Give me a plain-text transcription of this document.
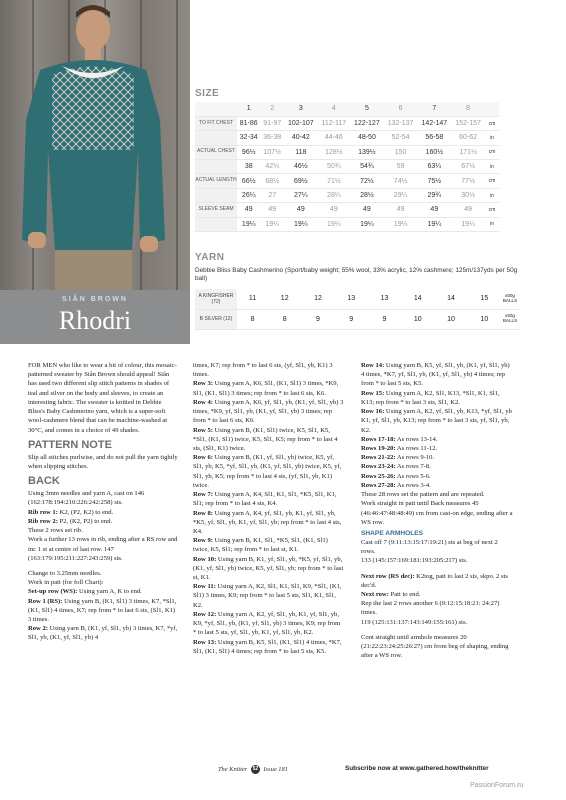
SIÂN BROWN
Rhodri
SIZE
	1	2	3	4	5	6	7	8	
TO FIT CHEST	81-86	91-97	102-107	112-117	122-127	132-137	142-147	152-157	cm
	32-34	36-38	40-42	44-46	48-50	52-54	56-58	60-62	in
ACTUAL CHEST	96½	107½	118	128½	139½	150	160½	171½	cm
	38	42¼	46½	50¾	54¾	59	63¼	67½	in
ACTUAL LENGTH	66½	68½	69½	71½	72½	74½	75½	77½	cm
	26¼	27	27¼	28¼	28½	29¼	29¾	30½	in
SLEEVE SEAM	49	49	49	49	49	49	49	49	cm
	19¼	19¼	19¼	19¼	19¼	19¼	19¼	19¼	in
YARN
Debbie Bliss Baby Cashmerino (Sport/baby weight; 55% wool, 33% acrylic, 12% cashmere; 125m/137yds per 50g ball)
A KINGFISHER (72)	11	12	12	13	13	14	14	15	x50g BALLS
B SILVER (12)	8	8	9	9	9	10	10	10	x50g BALLS

FOR MEN who like to wear a bit of colour, this mosaic-patterned sweater by Siân Brown should appeal! Siân has used two different slip stitch patterns in shades of teal and silver on the body and sleeves, to create an interesting fabric. The sweater is knitted in Debbie Bliss's Baby Cashmerino yarn, which is a super-soft wool-cashmere blend that can be machine-washed at 30°C, and comes in a choice of 49 shades.

PATTERN NOTE

Slip all stitches purlwise, and do not pull the yarn tightly when slipping stitches.

BACK

Using 3mm needles and yarn A, cast on 146 (162:178:194:210:226:242:258) sts.

Rib row 1: K2, (P2, K2) to end.

Rib row 2: P2, (K2, P2) to end.

These 2 rows set rib.

Work a further 13 rows in rib, ending after a RS row and inc 1 st at centre of last row. 147 (163:179:195:211:227:243:259) sts.

Change to 3.25mm needles.

Work in patt (for foll Chart):

Set-up row (WS): Using yarn A, K to end.

Row 1 (RS): Using yarn B, (K1, Sl1) 3 times, K7, *Sl1, (K1, Sl1) 4 times, K7; rep from * to last 6 sts, (Sl1, K1) 3 times.

Row 2: Using yarn B, (K1, yf, Sl1, yb) 3 times, K7, *yf, Sl1, yb, (K1, yf, Sl1, yb) 4

times, K7; rep from * to last 6 sts, (yf, Sl1, yb, K1) 3 times.

Row 3: Using yarn A, K6, Sl1, (K1, Sl1) 3 times, *K9, Sl1, (K1, Sl1) 3 times; rep from * to last 6 sts, K6.

Row 4: Using yarn A, K6, yf, Sl1, yb, (K1, yf, Sl1, yb) 3 times, *K9, yf, Sl1, yb, (K1, yf, Sl1, yb) 3 times; rep from * to last 6 sts, K6.

Row 5: Using yarn B, (K1, Sl1) twice, K5, Sl1, K5, *Sl1, (K1, Sl1) twice, K5, Sl1, K5; rep from * to last 4 sts, (Sl1, K1) twice.

Row 6: Using yarn B, (K1, yf, Sl1, yb) twice, K5, yf, Sl1, yb, K5, *yf, Sl1, yb, (K1, yf, Sl1, yb) twice, K5, yf, Sl1, yb, K5; rep from * to last 4 sts, (yf, Sl1, yb, K1) twice.

Row 7: Using yarn A, K4, Sl1, K1, Sl1, *K5, Sl1, K1, Sl1; rep from * to last 4 sts, K4.

Row 8: Using yarn A, K4, yf, Sl1, yb, K1, yf, Sl1, yb, *K5, yf, Sl1, yb, K1, yf, Sl1, yb; rep from * to last 4 sts, K4.

Row 9: Using yarn B, K1, Sl1, *K5, Sl1, (K1, Sl1) twice, K5, Sl1; rep from * to last st, K1.

Row 10: Using yarn B, K1, yf, Sl1, yb, *K5, yf, Sl1, yb, (K1, yf, Sl1, yb) twice, K5, yf, Sl1, yb; rep from * to last st, K1.

Row 11: Using yarn A, K2, Sl1, K1, Sl1, K9, *Sl1, (K1, Sl1) 3 times, K9; rep from * to last 5 sts, Sl1, K1, Sl1, K2.

Row 12: Using yarn A, K2, yf, Sl1, yb, K1, yf, Sl1, yb, K9, *yf, Sl1, yb, (K1, yf, Sl1, yb) 3 times, K9; rep from * to last 5 sts, yf, Sl1, yb, K1, yf, Sl1, yb, K2.

Row 13: Using yarn B, K5, Sl1, (K1, Sl1) 4 times, *K7, Sl1, (K1, Sl1) 4 times; rep from * to last 5 sts, K5.

Row 14: Using yarn B, K5, yf, Sl1, yb, (K1, yf, Sl1, yb) 4 times, *K7, yf, Sl1, yb, (K1, yf, Sl1, yb) 4 times; rep from * to last 5 sts, K5.

Row 15: Using yarn A, K2, Sl1, K13, *Sl1, K1, Sl1, K13; rep from * to last 3 sts, Sl1, K2.

Row 16: Using yarn A, K2, yf, Sl1, yb, K13, *yf, Sl1, yb K1, yf, Sl1, yb, K13; rep from * to last 3 sts, yf, Sl1, yb, K2.

Rows 17-18: As rows 13-14.

Rows 19-20: As rows 11-12.

Rows 21-22: As rows 9-10.

Rows 23-24: As rows 7-8.

Rows 25-26: As rows 5-6.

Rows 27-28: As rows 3-4.

These 28 rows set the pattern and are repeated.

Work straight in patt until Back measures 45 (46:46:47:48:48:49) cm from cast-on edge, ending after a WS row.

SHAPE ARMHOLES

Cast off 7 (9:11:13:15:17:19:21) sts at beg of next 2 rows.

133 (145:157:169:181:193:205:217) sts.

Next row (RS dec): K2tog, patt to last 2 sts, skpo. 2 sts dec'd.

Next row: Patt to end.

Rep the last 2 rows another 6 (9:12:15:18:21: 24:27) times.

119 (125:131:137:143:149:155:161) sts.

Cont straight until armhole measures 20 (21:22:23:24:25:26:27) cm from beg of shaping, ending after a WS row.

The Knitter 52 Issue 181	Subscribe now at www.gathered.how/theknitter
PassionForum.ru
